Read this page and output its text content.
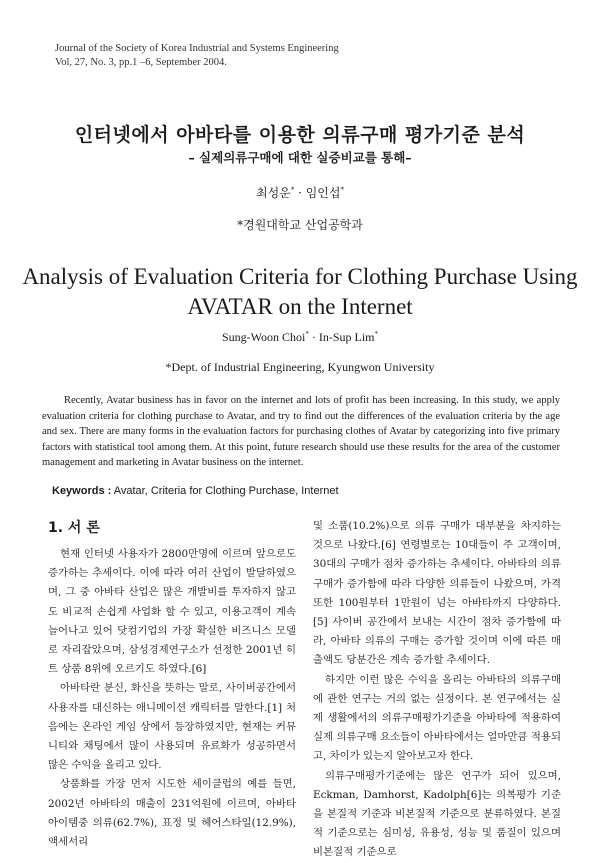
Journal of the Society of Korea Industrial and Systems Engineering
Vol, 27, No. 3, pp.1 –6, September 2004.
인터넷에서 아바타를 이용한 의류구매 평가기준 분석
– 실제의류구매에 대한 실증비교를 통해–
최성운* · 임인섭*
*경원대학교 산업공학과
Analysis of Evaluation Criteria for Clothing Purchase Using
AVATAR on the Internet
Sung-Woon Choi* · In-Sup Lim*
*Dept. of Industrial Engineering, Kyungwon University
Recently, Avatar business has in favor on the internet and lots of profit has been increasing. In this study, we apply evaluation criteria for clothing purchase to Avatar, and try to find out the differences of the evaluation criteria by the age and sex. There are many forms in the evaluation factors for purchasing clothes of Avatar by categorizing into five primary factors with statistical tool among them. At this point, future research should use these results for the area of the customer management and marketing in Avatar business on the internet.
Keywords : Avatar, Criteria for Clothing Purchase, Internet
1. 서 론

현재 인터넷 사용자가 2800만명에 이르며 앞으로도 증가하는 추세이다. 이에 따라 여러 산업이 발달하였으며, 그 중 아바타 산업은 많은 개발비를 투자하지 않고도 비교적 손쉽게 사업화 할 수 있고, 이용고객이 계속 늘어나고 있어 닷컴기업의 가장 확실한 비즈니스 모델로 자리잡았으며, 삼성경제연구소가 선정한 2001년 히트 상품 8위에 오르기도 하였다.[6]

아바타란 분신, 화신을 뜻하는 말로, 사이버공간에서 사용자를 대신하는 애니메이션 캐릭터를 말한다.[1] 처음에는 온라인 게임 상에서 등장하였지만, 현재는 커뮤니티와 채팅에서 많이 사용되며 유료화가 성공하면서 많은 수익을 올리고 있다.

상품화를 가장 먼저 시도한 세이클럽의 예를 들면, 2002년 아바타의 매출이 231억원에 이르며, 아바타 아이템중 의류(62.7%), 표정 및 헤어스타일(12.9%), 액세서리

및 소품(10.2%)으로 의류 구매가 대부분을 차지하는 것으로 나왔다.[6] 연령별로는 10대들이 주 고객이며, 30대의 구매가 점차 증가하는 추세이다. 아바타의 의류 구매가 증가함에 따라 다양한 의류들이 나왔으며, 가격 또한 100원부터 1만원이 넘는 아바타까지 다양하다.[5] 사이버 공간에서 보내는 시간이 점차 증가함에 따라, 아바타 의류의 구매는 증가할 것이며 이에 따른 매출액도 당분간은 계속 증가할 추세이다.

하지만 이런 많은 수익을 올리는 아바타의 의류구매에 관한 연구는 거의 없는 실정이다. 본 연구에서는 실제 생활에서의 의류구매평가기준을 아바타에 적용하여 실제 의류구매 요소들이 아바타에서는 얼마만큼 적용되고, 차이가 있는지 알아보고자 한다.

의류구매평가기준에는 많은 연구가 되어 있으며, Eckman, Damhorst, Kadolph[6]는 의복평가 기준을 본질적 기준과 비본질적 기준으로 분류하였다. 본질적 기준으로는 심미성, 유용성, 성능 및 품질이 있으며 비본질적 기준으로
